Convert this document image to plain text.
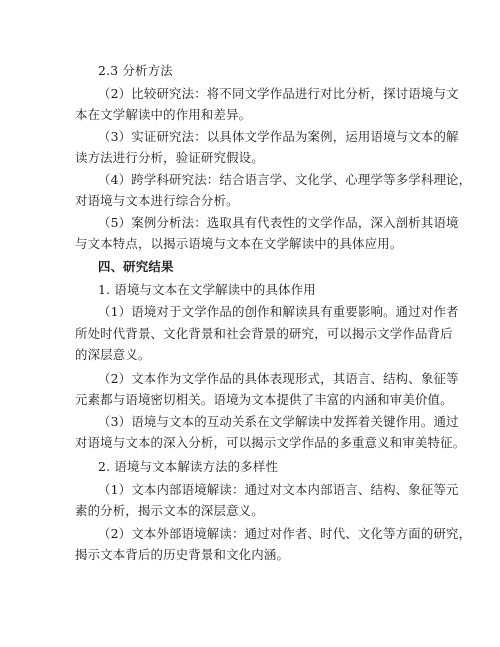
2.3 分析方法
（2）比较研究法：将不同文学作品进行对比分析，探讨语境与文
本在文学解读中的作用和差异。
（3）实证研究法：以具体文学作品为案例，运用语境与文本的解
读方法进行分析，验证研究假设。
（4）跨学科研究法：结合语言学、文化学、心理学等多学科理论，
对语境与文本进行综合分析。
（5）案例分析法：选取具有代表性的文学作品，深入剖析其语境
与文本特点，以揭示语境与文本在文学解读中的具体应用。
四、研究结果
1. 语境与文本在文学解读中的具体作用
（1）语境对于文学作品的创作和解读具有重要影响。通过对作者
所处时代背景、文化背景和社会背景的研究，可以揭示文学作品背后
的深层意义。
（2）文本作为文学作品的具体表现形式，其语言、结构、象征等
元素都与语境密切相关。语境为文本提供了丰富的内涵和审美价值。
（3）语境与文本的互动关系在文学解读中发挥着关键作用。通过
对语境与文本的深入分析，可以揭示文学作品的多重意义和审美特征。
2. 语境与文本解读方法的多样性
（1）文本内部语境解读：通过对文本内部语言、结构、象征等元
素的分析，揭示文本的深层意义。
（2）文本外部语境解读：通过对作者、时代、文化等方面的研究，
揭示文本背后的历史背景和文化内涵。
